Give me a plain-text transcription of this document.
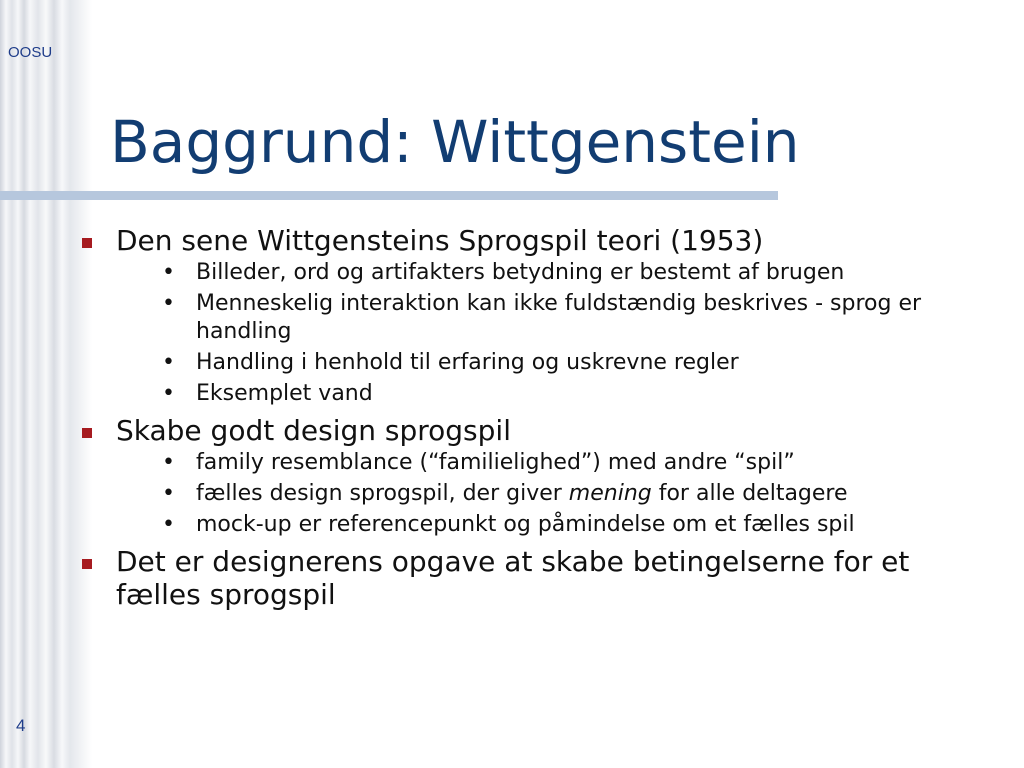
OOSU
Baggrund: Wittgenstein
Den sene Wittgensteins Sprogspil teori (1953)
• Billeder, ord og artifakters betydning er bestemt af brugen
• Menneskelig interaktion kan ikke fuldstændig beskrives - sprog er handling
• Handling i henhold til erfaring og uskrevne regler
• Eksemplet vand
Skabe godt design sprogspil
• family resemblance (“familielighed”) med andre “spil”
• fælles design sprogspil, der giver mening for alle deltagere
• mock-up er referencepunkt og påmindelse om et fælles spil
Det er designerens opgave at skabe betingelserne for et fælles sprogspil
4
